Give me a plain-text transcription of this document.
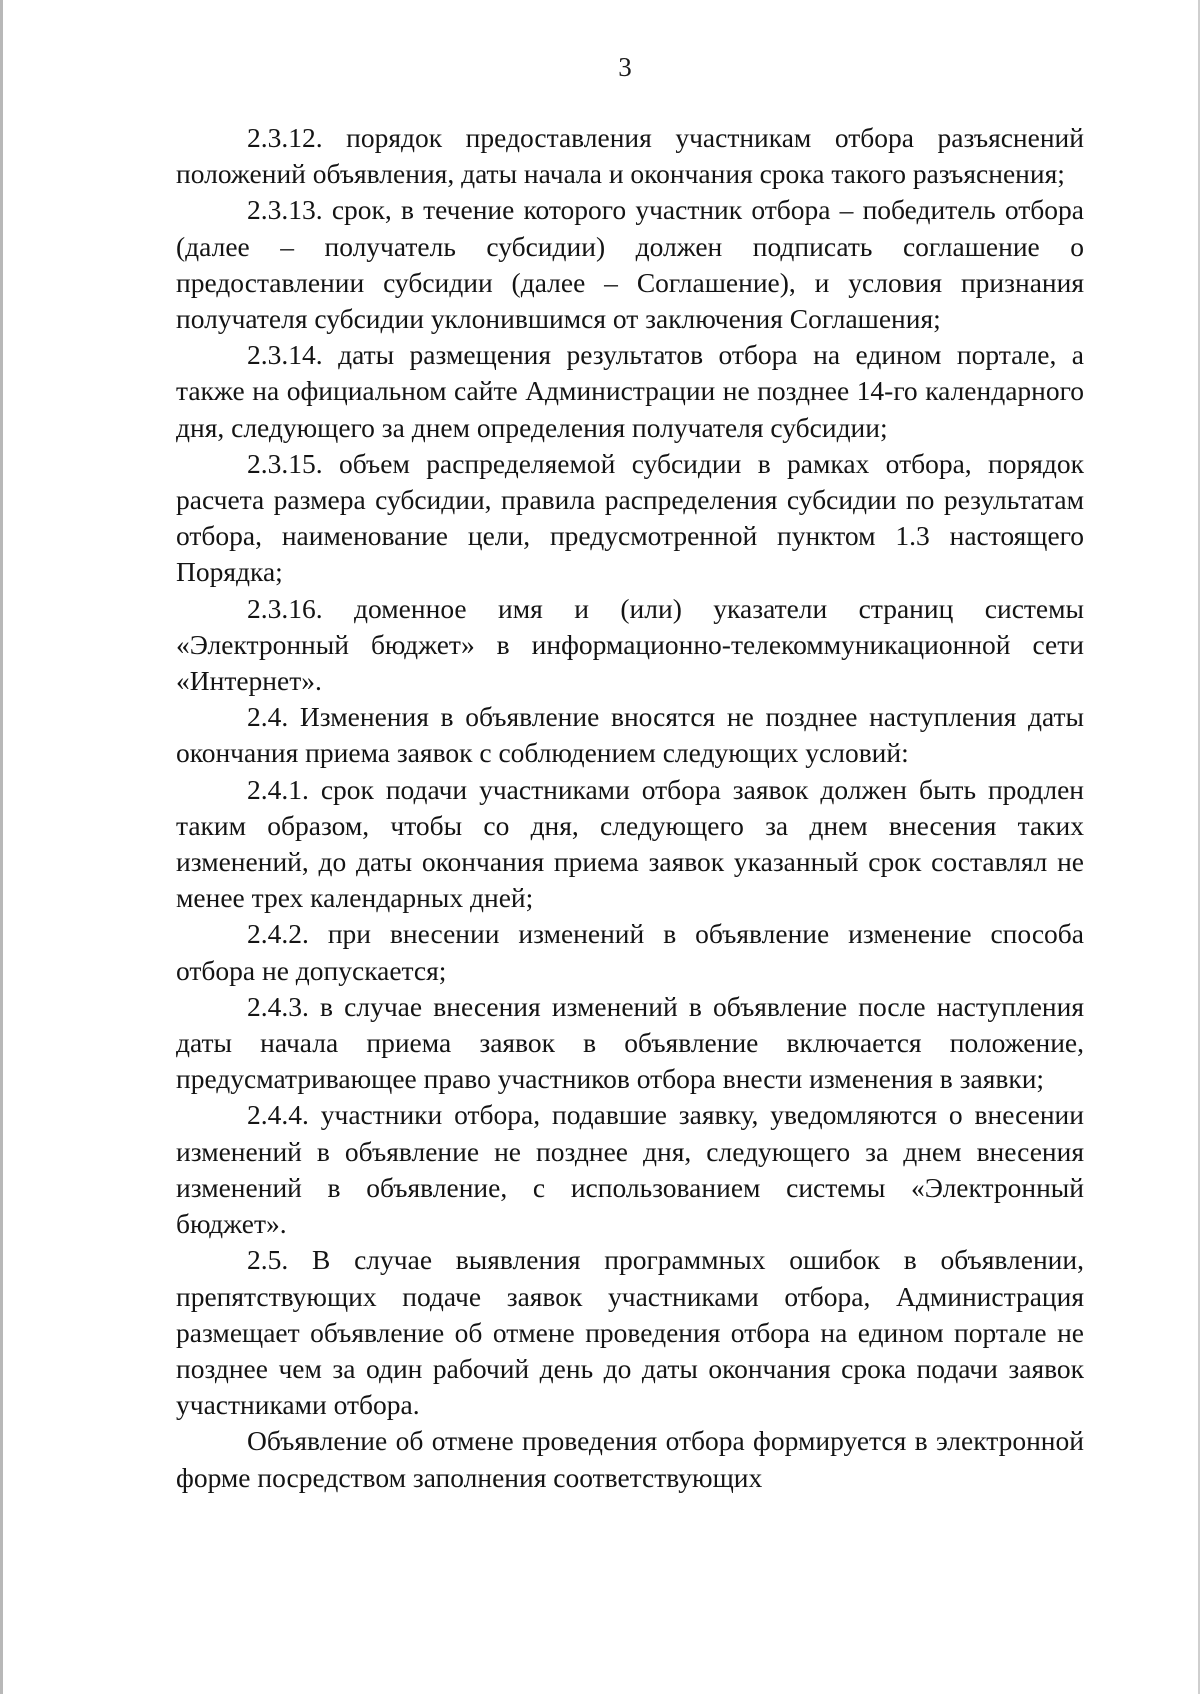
3

2.3.12. порядок предоставления участникам отбора разъяснений положений объявления, даты начала и окончания срока такого разъяснения;

2.3.13. срок, в течение которого участник отбора – победитель отбора (далее – получатель субсидии) должен подписать соглашение о предоставлении субсидии (далее – Соглашение), и условия признания получателя субсидии уклонившимся от заключения Соглашения;

2.3.14. даты размещения результатов отбора на едином портале, а также на официальном сайте Администрации не позднее 14-го календарного дня, следующего за днем определения получателя субсидии;

2.3.15. объем распределяемой субсидии в рамках отбора, порядок расчета размера субсидии, правила распределения субсидии по результатам отбора, наименование цели, предусмотренной пунктом 1.3 настоящего Порядка;

2.3.16. доменное имя и (или) указатели страниц системы «Электронный бюджет» в информационно-телекоммуникационной сети «Интернет».

2.4. Изменения в объявление вносятся не позднее наступления даты окончания приема заявок с соблюдением следующих условий:

2.4.1. срок подачи участниками отбора заявок должен быть продлен таким образом, чтобы со дня, следующего за днем внесения таких изменений, до даты окончания приема заявок указанный срок составлял не менее трех календарных дней;

2.4.2. при внесении изменений в объявление изменение способа отбора не допускается;

2.4.3. в случае внесения изменений в объявление после наступления даты начала приема заявок в объявление включается положение, предусматривающее право участников отбора внести изменения в заявки;

2.4.4. участники отбора, подавшие заявку, уведомляются о внесении изменений в объявление не позднее дня, следующего за днем внесения изменений в объявление, с использованием системы «Электронный бюджет».

2.5. В случае выявления программных ошибок в объявлении, препятствующих подаче заявок участниками отбора, Администрация размещает объявление об отмене проведения отбора на едином портале не позднее чем за один рабочий день до даты окончания срока подачи заявок участниками отбора.

Объявление об отмене проведения отбора формируется в электронной форме посредством заполнения соответствующих
